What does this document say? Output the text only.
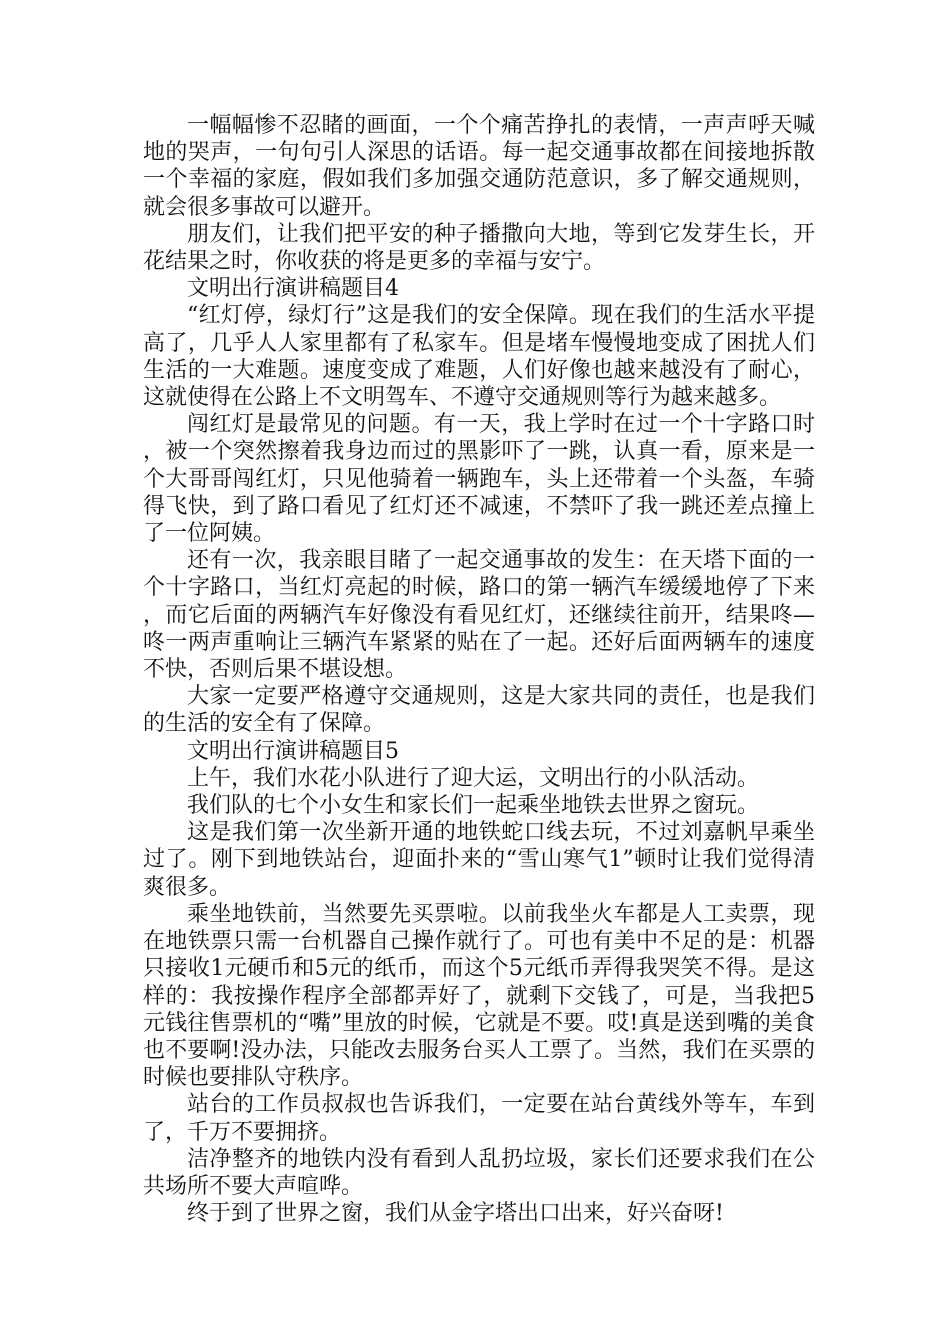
一幅幅惨不忍睹的画面，一个个痛苦挣扎的表情，一声声呼天喊地的哭声，一句句引人深思的话语。每一起交通事故都在间接地拆散一个幸福的家庭，假如我们多加强交通防范意识，多了解交通规则，就会很多事故可以避开。

朋友们，让我们把平安的种子播撒向大地，等到它发芽生长，开花结果之时，你收获的将是更多的幸福与安宁。

文明出行演讲稿题目4

“红灯停，绿灯行”这是我们的安全保障。现在我们的生活水平提高了，几乎人人家里都有了私家车。但是堵车慢慢地变成了困扰人们生活的一大难题。速度变成了难题，人们好像也越来越没有了耐心，这就使得在公路上不文明驾车、不遵守交通规则等行为越来越多。

闯红灯是最常见的问题。有一天，我上学时在过一个十字路口时，被一个突然擦着我身边而过的黑影吓了一跳，认真一看，原来是一个大哥哥闯红灯，只见他骑着一辆跑车，头上还带着一个头盔，车骑得飞快，到了路口看见了红灯还不减速，不禁吓了我一跳还差点撞上了一位阿姨。

还有一次，我亲眼目睹了一起交通事故的发生：在天塔下面的一个十字路口，当红灯亮起的时候，路口的第一辆汽车缓缓地停了下来，而它后面的两辆汽车好像没有看见红灯，还继续往前开，结果咚—咚一两声重响让三辆汽车紧紧的贴在了一起。还好后面两辆车的速度不快，否则后果不堪设想。

大家一定要严格遵守交通规则，这是大家共同的责任，也是我们的生活的安全有了保障。

文明出行演讲稿题目5

上午，我们水花小队进行了迎大运，文明出行的小队活动。

我们队的七个小女生和家长们一起乘坐地铁去世界之窗玩。

这是我们第一次坐新开通的地铁蛇口线去玩，不过刘嘉帆早乘坐过了。刚下到地铁站台，迎面扑来的“雪山寒气1”顿时让我们觉得清爽很多。

乘坐地铁前，当然要先买票啦。以前我坐火车都是人工卖票，现在地铁票只需一台机器自己操作就行了。可也有美中不足的是：机器只接收1元硬币和5元的纸币，而这个5元纸币弄得我哭笑不得。是这样的：我按操作程序全部都弄好了，就剩下交钱了，可是，当我把5元钱往售票机的“嘴”里放的时候，它就是不要。哎!真是送到嘴的美食也不要啊!没办法，只能改去服务台买人工票了。当然，我们在买票的时候也要排队守秩序。

站台的工作员叔叔也告诉我们，一定要在站台黄线外等车，车到了，千万不要拥挤。

洁净整齐的地铁内没有看到人乱扔垃圾，家长们还要求我们在公共场所不要大声喧哗。

终于到了世界之窗，我们从金字塔出口出来，好兴奋呀!
